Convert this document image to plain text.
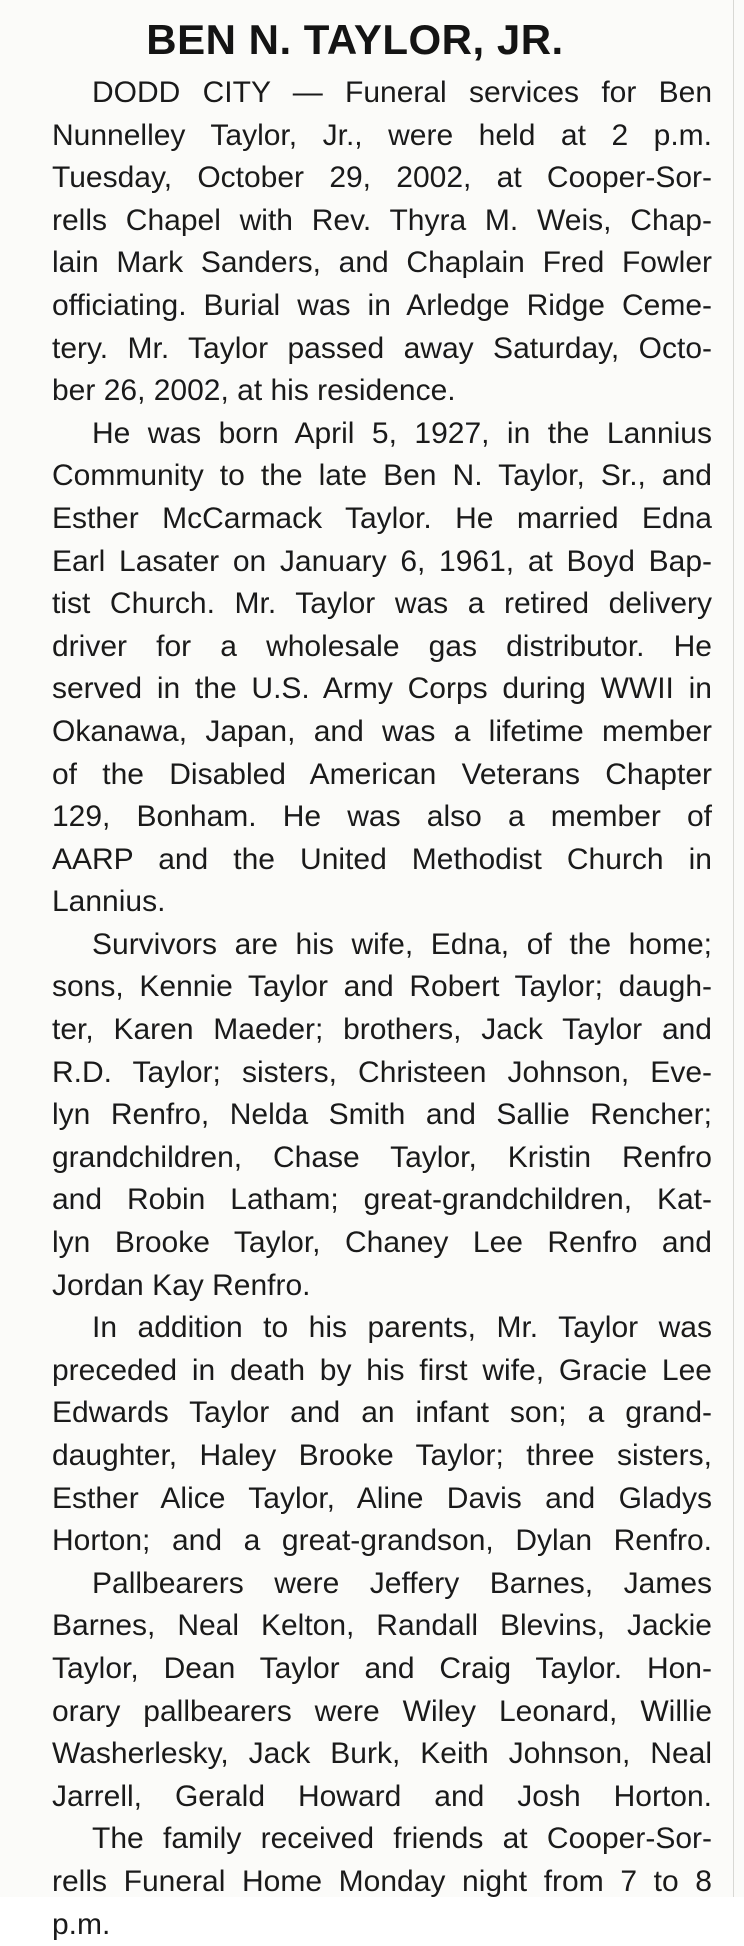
BEN N. TAYLOR, JR.
DODD CITY — Funeral services for Ben
Nunnelley Taylor, Jr., were held at 2 p.m.
Tuesday, October 29, 2002, at Cooper-Sor-
rells Chapel with Rev. Thyra M. Weis, Chap-
lain Mark Sanders, and Chaplain Fred Fowler
officiating. Burial was in Arledge Ridge Ceme-
tery. Mr. Taylor passed away Saturday, Octo-
ber 26, 2002, at his residence.
He was born April 5, 1927, in the Lannius
Community to the late Ben N. Taylor, Sr., and
Esther McCarmack Taylor. He married Edna
Earl Lasater on January 6, 1961, at Boyd Bap-
tist Church. Mr. Taylor was a retired delivery
driver for a wholesale gas distributor. He
served in the U.S. Army Corps during WWII in
Okanawa, Japan, and was a lifetime member
of the Disabled American Veterans Chapter
129, Bonham. He was also a member of
AARP and the United Methodist Church in
Lannius.
Survivors are his wife, Edna, of the home;
sons, Kennie Taylor and Robert Taylor; daugh-
ter, Karen Maeder; brothers, Jack Taylor and
R.D. Taylor; sisters, Christeen Johnson, Eve-
lyn Renfro, Nelda Smith and Sallie Rencher;
grandchildren, Chase Taylor, Kristin Renfro
and Robin Latham; great-grandchildren, Kat-
lyn Brooke Taylor, Chaney Lee Renfro and
Jordan Kay Renfro.
In addition to his parents, Mr. Taylor was
preceded in death by his first wife, Gracie Lee
Edwards Taylor and an infant son; a grand-
daughter, Haley Brooke Taylor; three sisters,
Esther Alice Taylor, Aline Davis and Gladys
Horton; and a great-grandson, Dylan Renfro.
Pallbearers were Jeffery Barnes, James
Barnes, Neal Kelton, Randall Blevins, Jackie
Taylor, Dean Taylor and Craig Taylor. Hon-
orary pallbearers were Wiley Leonard, Willie
Washerlesky, Jack Burk, Keith Johnson, Neal
Jarrell, Gerald Howard and Josh Horton.
The family received friends at Cooper-Sor-
rells Funeral Home Monday night from 7 to 8
p.m.
